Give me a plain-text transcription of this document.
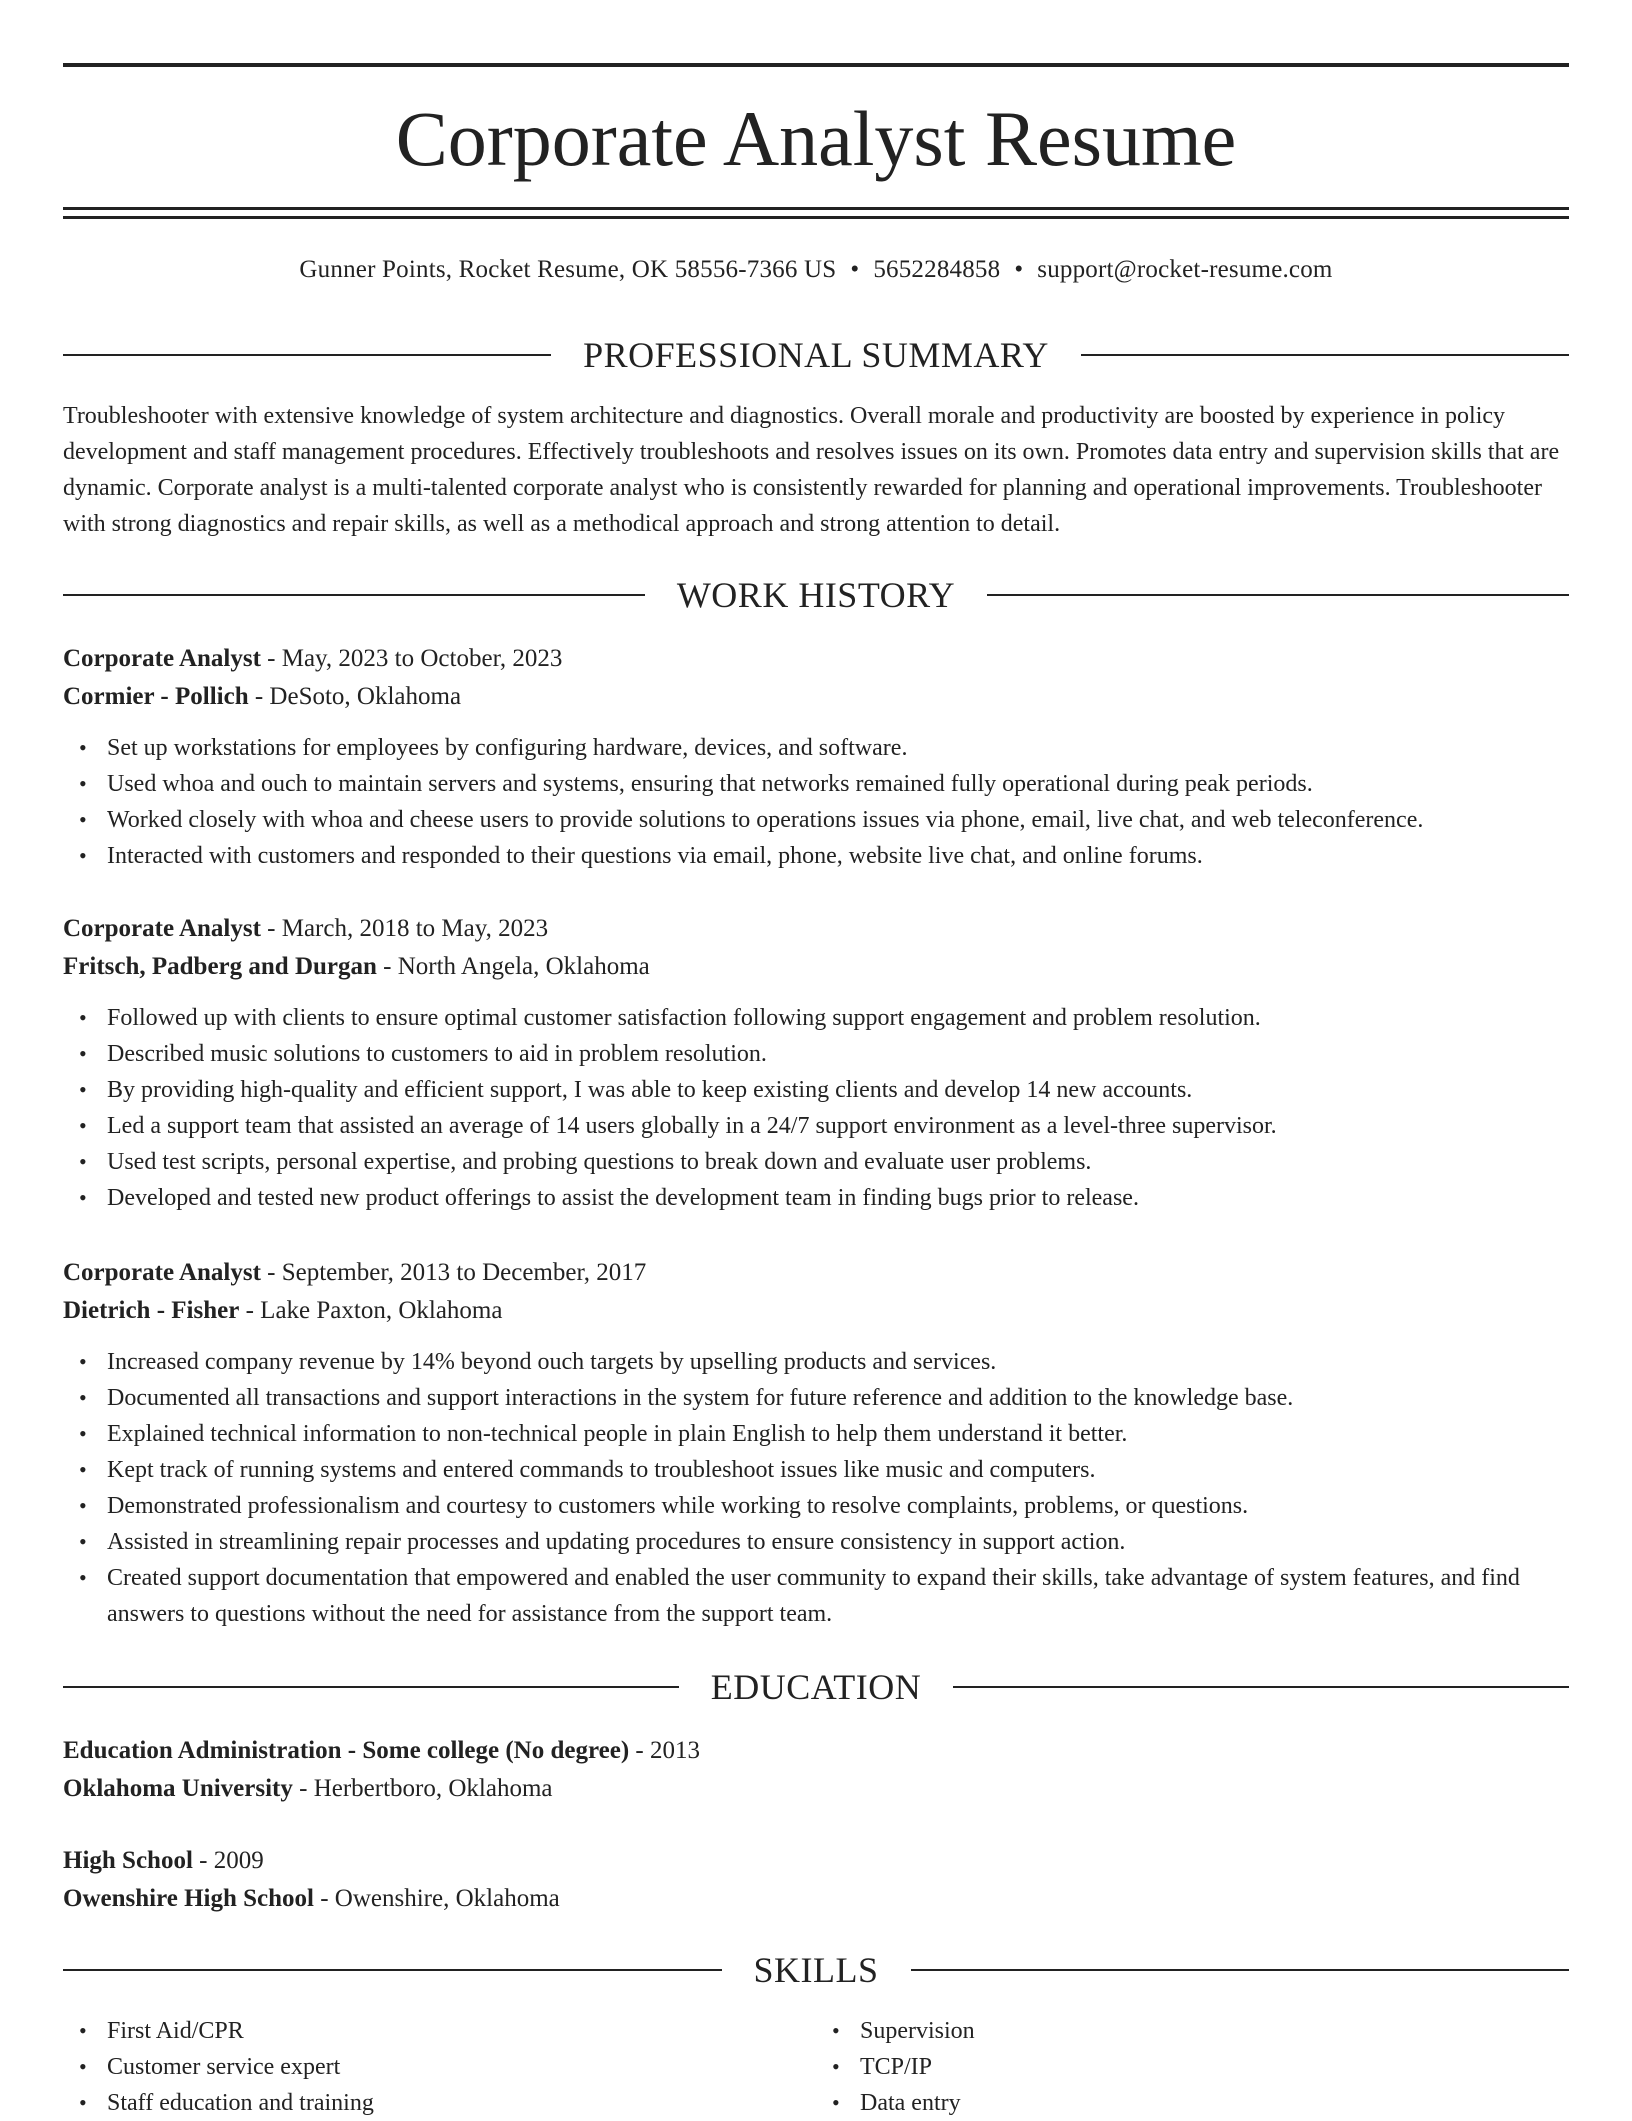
Corporate Analyst Resume
Gunner Points, Rocket Resume, OK 58556-7366 US • 5652284858 • support@rocket-resume.com
PROFESSIONAL SUMMARY
Troubleshooter with extensive knowledge of system architecture and diagnostics. Overall morale and productivity are boosted by experience in policy development and staff management procedures. Effectively troubleshoots and resolves issues on its own. Promotes data entry and supervision skills that are dynamic. Corporate analyst is a multi-talented corporate analyst who is consistently rewarded for planning and operational improvements. Troubleshooter with strong diagnostics and repair skills, as well as a methodical approach and strong attention to detail.
WORK HISTORY
Corporate Analyst - May, 2023 to October, 2023
Cormier - Pollich - DeSoto, Oklahoma
• Set up workstations for employees by configuring hardware, devices, and software.
• Used whoa and ouch to maintain servers and systems, ensuring that networks remained fully operational during peak periods.
• Worked closely with whoa and cheese users to provide solutions to operations issues via phone, email, live chat, and web teleconference.
• Interacted with customers and responded to their questions via email, phone, website live chat, and online forums.
Corporate Analyst - March, 2018 to May, 2023
Fritsch, Padberg and Durgan - North Angela, Oklahoma
• Followed up with clients to ensure optimal customer satisfaction following support engagement and problem resolution.
• Described music solutions to customers to aid in problem resolution.
• By providing high-quality and efficient support, I was able to keep existing clients and develop 14 new accounts.
• Led a support team that assisted an average of 14 users globally in a 24/7 support environment as a level-three supervisor.
• Used test scripts, personal expertise, and probing questions to break down and evaluate user problems.
• Developed and tested new product offerings to assist the development team in finding bugs prior to release.
Corporate Analyst - September, 2013 to December, 2017
Dietrich - Fisher - Lake Paxton, Oklahoma
• Increased company revenue by 14% beyond ouch targets by upselling products and services.
• Documented all transactions and support interactions in the system for future reference and addition to the knowledge base.
• Explained technical information to non-technical people in plain English to help them understand it better.
• Kept track of running systems and entered commands to troubleshoot issues like music and computers.
• Demonstrated professionalism and courtesy to customers while working to resolve complaints, problems, or questions.
• Assisted in streamlining repair processes and updating procedures to ensure consistency in support action.
• Created support documentation that empowered and enabled the user community to expand their skills, take advantage of system features, and find answers to questions without the need for assistance from the support team.
EDUCATION
Education Administration - Some college (No degree) - 2013
Oklahoma University - Herbertboro, Oklahoma
High School - 2009
Owenshire High School - Owenshire, Oklahoma
SKILLS
• First Aid/CPR
• Customer service expert
• Staff education and training
• Supervision
• TCP/IP
• Data entry
